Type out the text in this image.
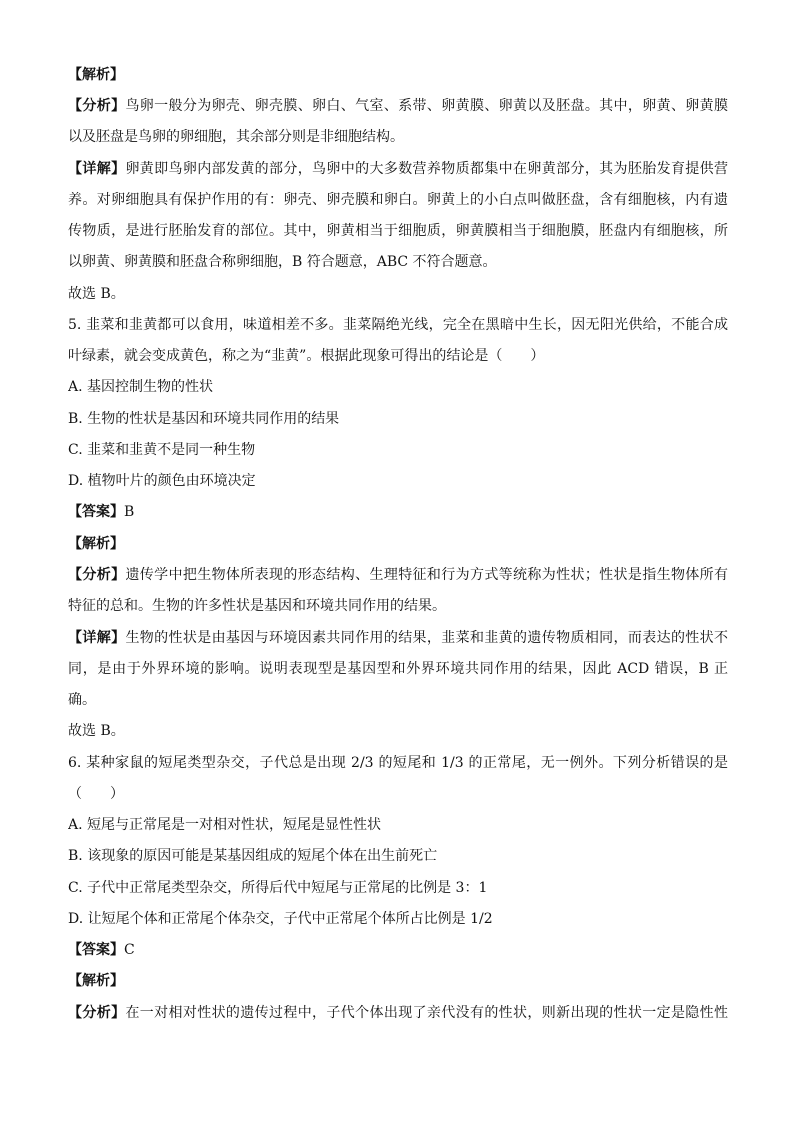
【解析】
【分析】鸟卵一般分为卵壳、卵壳膜、卵白、气室、系带、卵黄膜、卵黄以及胚盘。其中，卵黄、卵黄膜
以及胚盘是鸟卵的卵细胞，其余部分则是非细胞结构。
【详解】卵黄即鸟卵内部发黄的部分，鸟卵中的大多数营养物质都集中在卵黄部分，其为胚胎发育提供营
养。对卵细胞具有保护作用的有：卵壳、卵壳膜和卵白。卵黄上的小白点叫做胚盘，含有细胞核，内有遗
传物质，是进行胚胎发育的部位。其中，卵黄相当于细胞质，卵黄膜相当于细胞膜，胚盘内有细胞核，所
以卵黄、卵黄膜和胚盘合称卵细胞，B 符合题意，ABC 不符合题意。
故选 B。
5. 韭菜和韭黄都可以食用，味道相差不多。韭菜隔绝光线，完全在黑暗中生长，因无阳光供给，不能合成
叶绿素，就会变成黄色，称之为“韭黄”。根据此现象可得出的结论是（　　）
A. 基因控制生物的性状
B. 生物的性状是基因和环境共同作用的结果
C. 韭菜和韭黄不是同一种生物
D. 植物叶片的颜色由环境决定
【答案】B
【解析】
【分析】遗传学中把生物体所表现的形态结构、生理特征和行为方式等统称为性状；性状是指生物体所有
特征的总和。生物的许多性状是基因和环境共同作用的结果。
【详解】生物的性状是由基因与环境因素共同作用的结果，韭菜和韭黄的遗传物质相同，而表达的性状不
同，是由于外界环境的影响。说明表现型是基因型和外界环境共同作用的结果，因此 ACD 错误，B 正
确。
故选 B。
6. 某种家鼠的短尾类型杂交，子代总是出现 2/3 的短尾和 1/3 的正常尾，无一例外。下列分析错误的是
（　　）
A. 短尾与正常尾是一对相对性状，短尾是显性性状
B. 该现象的原因可能是某基因组成的短尾个体在出生前死亡
C. 子代中正常尾类型杂交，所得后代中短尾与正常尾的比例是 3：1
D. 让短尾个体和正常尾个体杂交，子代中正常尾个体所占比例是 1/2
【答案】C
【解析】
【分析】在一对相对性状的遗传过程中，子代个体出现了亲代没有的性状，则新出现的性状一定是隐性性
